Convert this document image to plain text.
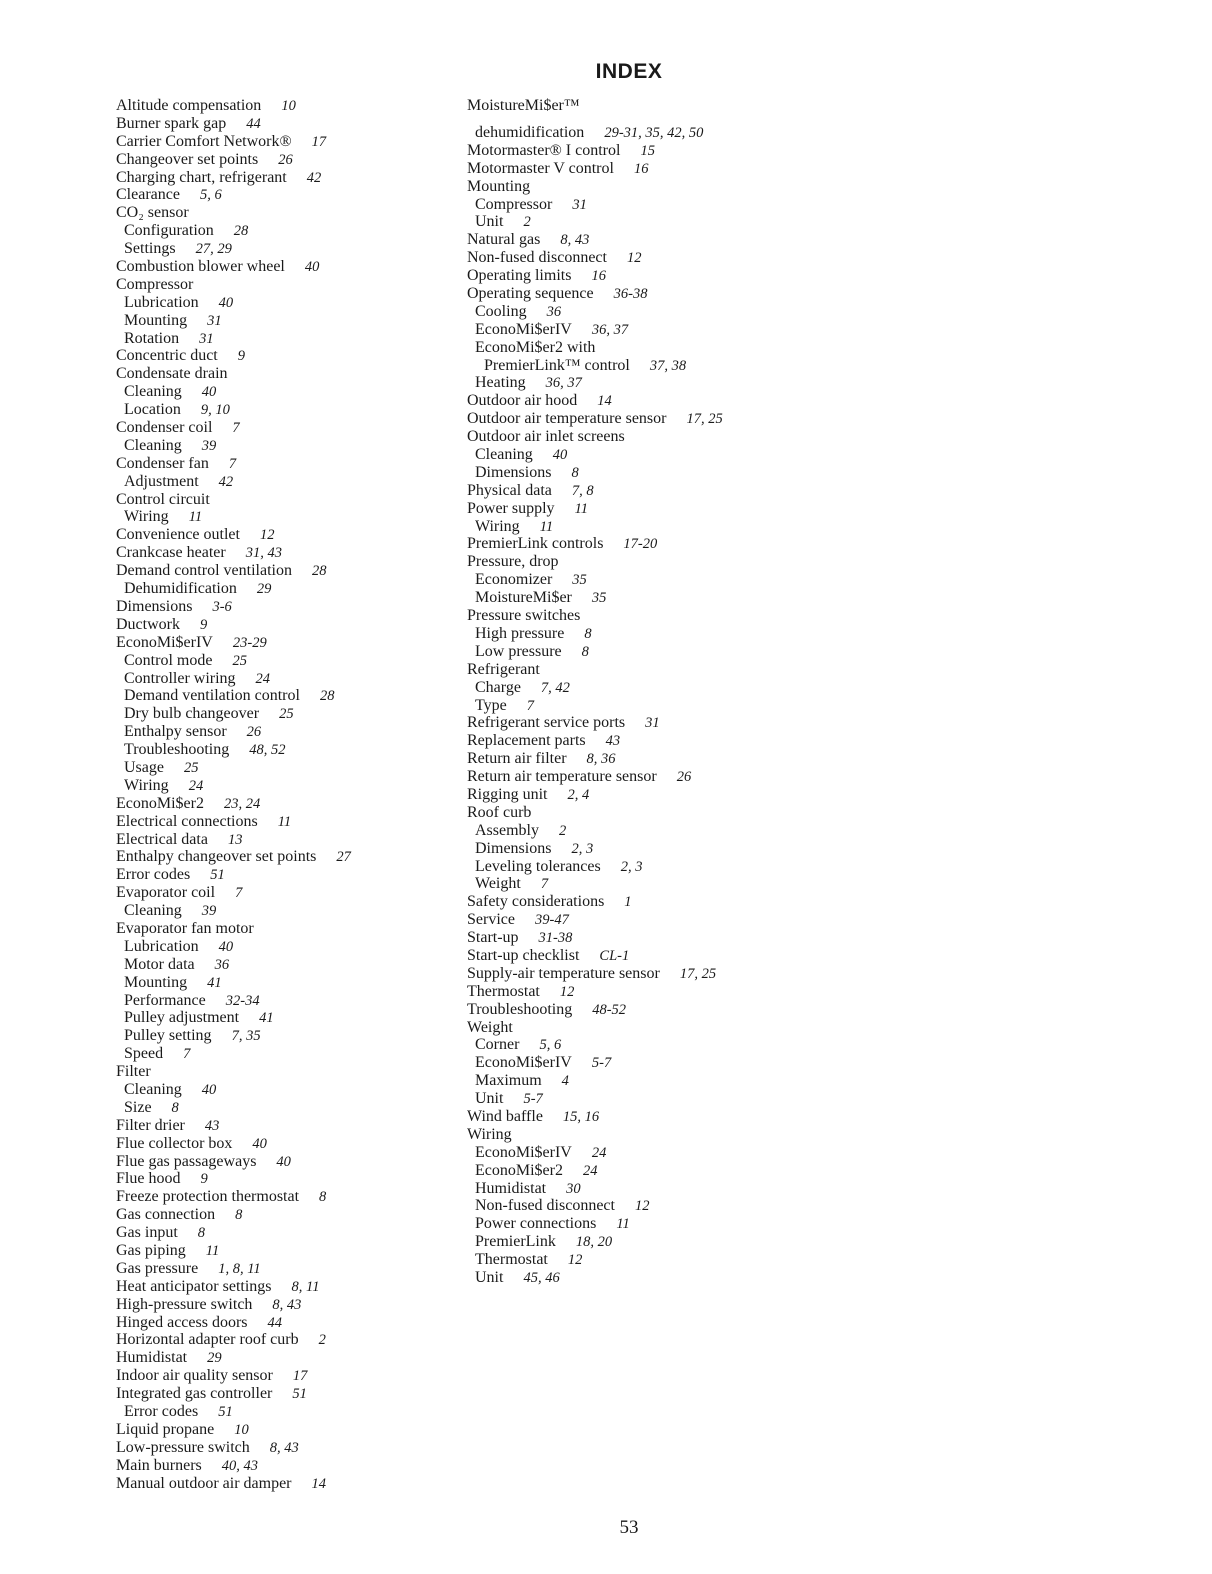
INDEX
Altitude compensation 10
Burner spark gap 44
Carrier Comfort Network® 17
Changeover set points 26
Charging chart, refrigerant 42
Clearance 5, 6
CO₂ sensor
Configuration 28
Settings 27, 29
Combustion blower wheel 40
Compressor
Lubrication 40
Mounting 31
Rotation 31
Concentric duct 9
Condensate drain
Cleaning 40
Location 9, 10
Condenser coil 7
Cleaning 39
Condenser fan 7
Adjustment 42
Control circuit
Wiring 11
Convenience outlet 12
Crankcase heater 31, 43
Demand control ventilation 28
Dehumidification 29
Dimensions 3-6
Ductwork 9
EconoMi$erIV 23-29
Control mode 25
Controller wiring 24
Demand ventilation control 28
Dry bulb changeover 25
Enthalpy sensor 26
Troubleshooting 48, 52
Usage 25
Wiring 24
EconoMi$er2 23, 24
Electrical connections 11
Electrical data 13
Enthalpy changeover set points 27
Error codes 51
Evaporator coil 7
Cleaning 39
Evaporator fan motor
Lubrication 40
Motor data 36
Mounting 41
Performance 32-34
Pulley adjustment 41
Pulley setting 7, 35
Speed 7
Filter
Cleaning 40
Size 8
Filter drier 43
Flue collector box 40
Flue gas passageways 40
Flue hood 9
Freeze protection thermostat 8
Gas connection 8
Gas input 8
Gas piping 11
Gas pressure 1, 8, 11
Heat anticipator settings 8, 11
High-pressure switch 8, 43
Hinged access doors 44
Horizontal adapter roof curb 2
Humidistat 29
Indoor air quality sensor 17
Integrated gas controller 51
Error codes 51
Liquid propane 10
Low-pressure switch 8, 43
Main burners 40, 43
Manual outdoor air damper 14
MoistureMi$er™
dehumidification 29-31, 35, 42, 50
Motormaster® I control 15
Motormaster V control 16
Mounting
Compressor 31
Unit 2
Natural gas 8, 43
Non-fused disconnect 12
Operating limits 16
Operating sequence 36-38
Cooling 36
EconoMi$erIV 36, 37
EconoMi$er2 with
PremierLink™ control 37, 38
Heating 36, 37
Outdoor air hood 14
Outdoor air temperature sensor 17, 25
Outdoor air inlet screens
Cleaning 40
Dimensions 8
Physical data 7, 8
Power supply 11
Wiring 11
PremierLink controls 17-20
Pressure, drop
Economizer 35
MoistureMi$er 35
Pressure switches
High pressure 8
Low pressure 8
Refrigerant
Charge 7, 42
Type 7
Refrigerant service ports 31
Replacement parts 43
Return air filter 8, 36
Return air temperature sensor 26
Rigging unit 2, 4
Roof curb
Assembly 2
Dimensions 2, 3
Leveling tolerances 2, 3
Weight 7
Safety considerations 1
Service 39-47
Start-up 31-38
Start-up checklist CL-1
Supply-air temperature sensor 17, 25
Thermostat 12
Troubleshooting 48-52
Weight
Corner 5, 6
EconoMi$erIV 5-7
Maximum 4
Unit 5-7
Wind baffle 15, 16
Wiring
EconoMi$erIV 24
EconoMi$er2 24
Humidistat 30
Non-fused disconnect 12
Power connections 11
PremierLink 18, 20
Thermostat 12
Unit 45, 46
53
